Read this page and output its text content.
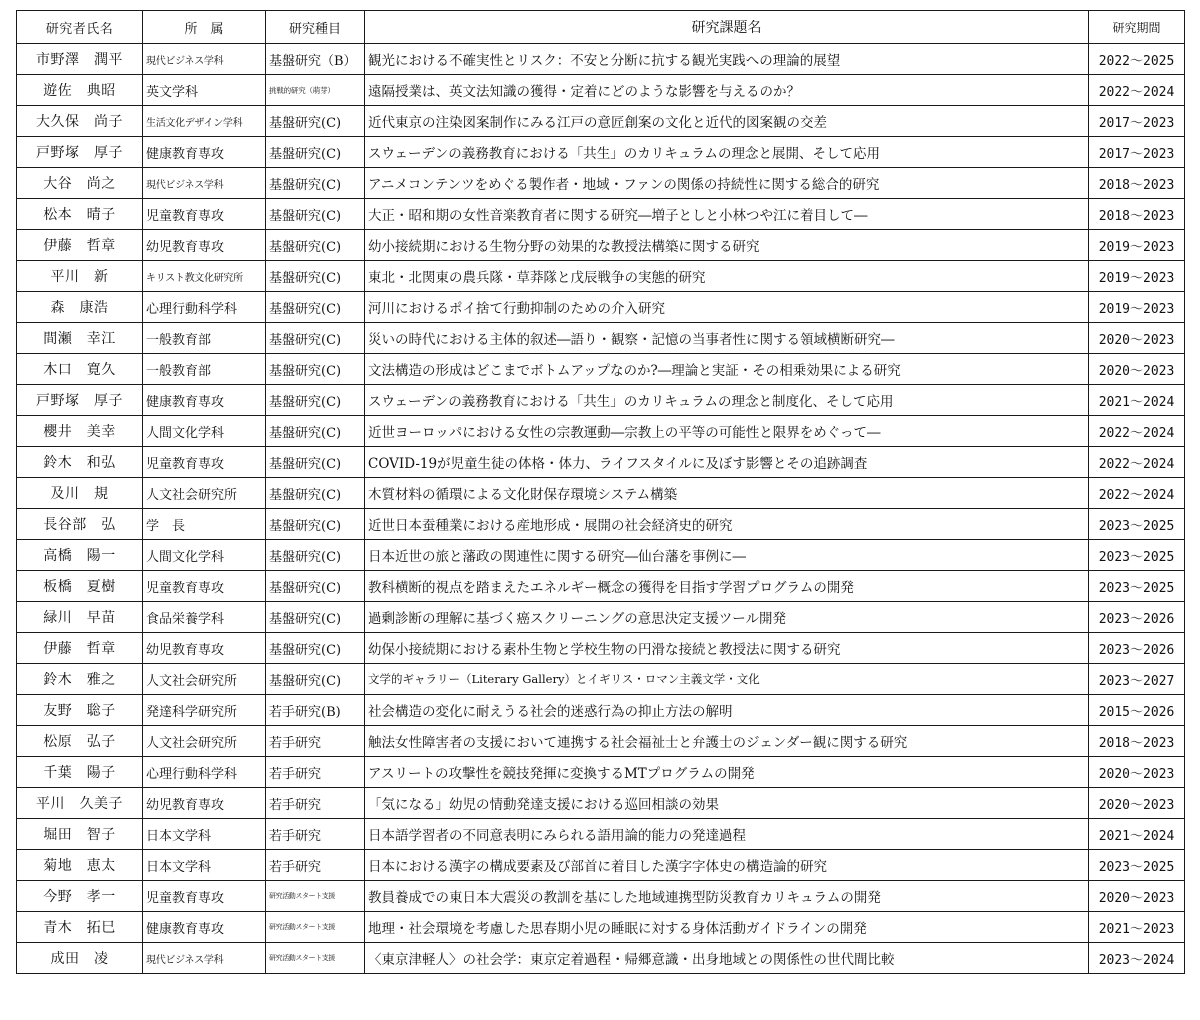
研究者氏名	所　属	研究種目	研究課題名	研究期間
市野澤　潤平	現代ビジネス学科	基盤研究（B）	観光における不確実性とリスク：不安と分断に抗する観光実践への理論的展望	2022～2025
遊佐　典昭	英文学科	挑戦的研究（萌芽）	遠隔授業は、英文法知識の獲得・定着にどのような影響を与えるのか？	2022～2024
大久保　尚子	生活文化デザイン学科	基盤研究(C)	近代東京の注染図案制作にみる江戸の意匠創案の文化と近代的図案観の交差	2017～2023
戸野塚　厚子	健康教育専攻	基盤研究(C)	スウェーデンの義務教育における「共生」のカリキュラムの理念と展開、そして応用	2017～2023
大谷　尚之	現代ビジネス学科	基盤研究(C)	アニメコンテンツをめぐる製作者・地域・ファンの関係の持続性に関する総合的研究	2018～2023
松本　晴子	児童教育専攻	基盤研究(C)	大正・昭和期の女性音楽教育者に関する研究―増子としと小林つや江に着目して―	2018～2023
伊藤　哲章	幼児教育専攻	基盤研究(C)	幼小接続期における生物分野の効果的な教授法構築に関する研究	2019～2023
平川　新	キリスト教文化研究所	基盤研究(C)	東北・北関東の農兵隊・草莽隊と戊辰戦争の実態的研究	2019～2023
森　康浩	心理行動科学科	基盤研究(C)	河川におけるポイ捨て行動抑制のための介入研究	2019～2023
間瀬　幸江	一般教育部	基盤研究(C)	災いの時代における主体的叙述―語り・観察・記憶の当事者性に関する領域横断研究―	2020～2023
木口　寛久	一般教育部	基盤研究(C)	文法構造の形成はどこまでボトムアップなのか?―理論と実証・その相乗効果による研究	2020～2023
戸野塚　厚子	健康教育専攻	基盤研究(C)	スウェーデンの義務教育における「共生」のカリキュラムの理念と制度化、そして応用	2021～2024
櫻井　美幸	人間文化学科	基盤研究(C)	近世ヨーロッパにおける女性の宗教運動―宗教上の平等の可能性と限界をめぐって―	2022～2024
鈴木　和弘	児童教育専攻	基盤研究(C)	COVID-19が児童生徒の体格・体力、ライフスタイルに及ぼす影響とその追跡調査	2022～2024
及川　規	人文社会研究所	基盤研究(C)	木質材料の循環による文化財保存環境システム構築	2022～2024
長谷部　弘	学　長	基盤研究(C)	近世日本蚕種業における産地形成・展開の社会経済史的研究	2023～2025
高橋　陽一	人間文化学科	基盤研究(C)	日本近世の旅と藩政の関連性に関する研究―仙台藩を事例に―	2023～2025
板橋　夏樹	児童教育専攻	基盤研究(C)	教科横断的視点を踏まえたエネルギー概念の獲得を目指す学習プログラムの開発	2023～2025
緑川　早苗	食品栄養学科	基盤研究(C)	過剰診断の理解に基づく癌スクリーニングの意思決定支援ツール開発	2023～2026
伊藤　哲章	幼児教育専攻	基盤研究(C)	幼保小接続期における素朴生物と学校生物の円滑な接続と教授法に関する研究	2023～2026
鈴木　雅之	人文社会研究所	基盤研究(C)	文学的ギャラリー（Literary Gallery）とイギリス・ロマン主義文学・文化	2023～2027
友野　聡子	発達科学研究所	若手研究(B)	社会構造の変化に耐えうる社会的迷惑行為の抑止方法の解明	2015～2026
松原　弘子	人文社会研究所	若手研究	触法女性障害者の支援において連携する社会福祉士と弁護士のジェンダー観に関する研究	2018～2023
千葉　陽子	心理行動科学科	若手研究	アスリートの攻撃性を競技発揮に変換するMTプログラムの開発	2020～2023
平川　久美子	幼児教育専攻	若手研究	「気になる」幼児の情動発達支援における巡回相談の効果	2020～2023
堀田　智子	日本文学科	若手研究	日本語学習者の不同意表明にみられる語用論的能力の発達過程	2021～2024
菊地　恵太	日本文学科	若手研究	日本における漢字の構成要素及び部首に着目した漢字字体史の構造論的研究	2023～2025
今野　孝一	児童教育専攻	研究活動スタート支援	教員養成での東日本大震災の教訓を基にした地域連携型防災教育カリキュラムの開発	2020～2023
青木　拓巳	健康教育専攻	研究活動スタート支援	地理・社会環境を考慮した思春期小児の睡眠に対する身体活動ガイドラインの開発	2021～2023
成田　凌	現代ビジネス学科	研究活動スタート支援	〈東京津軽人〉の社会学：東京定着過程・帰郷意識・出身地域との関係性の世代間比較	2023～2024
